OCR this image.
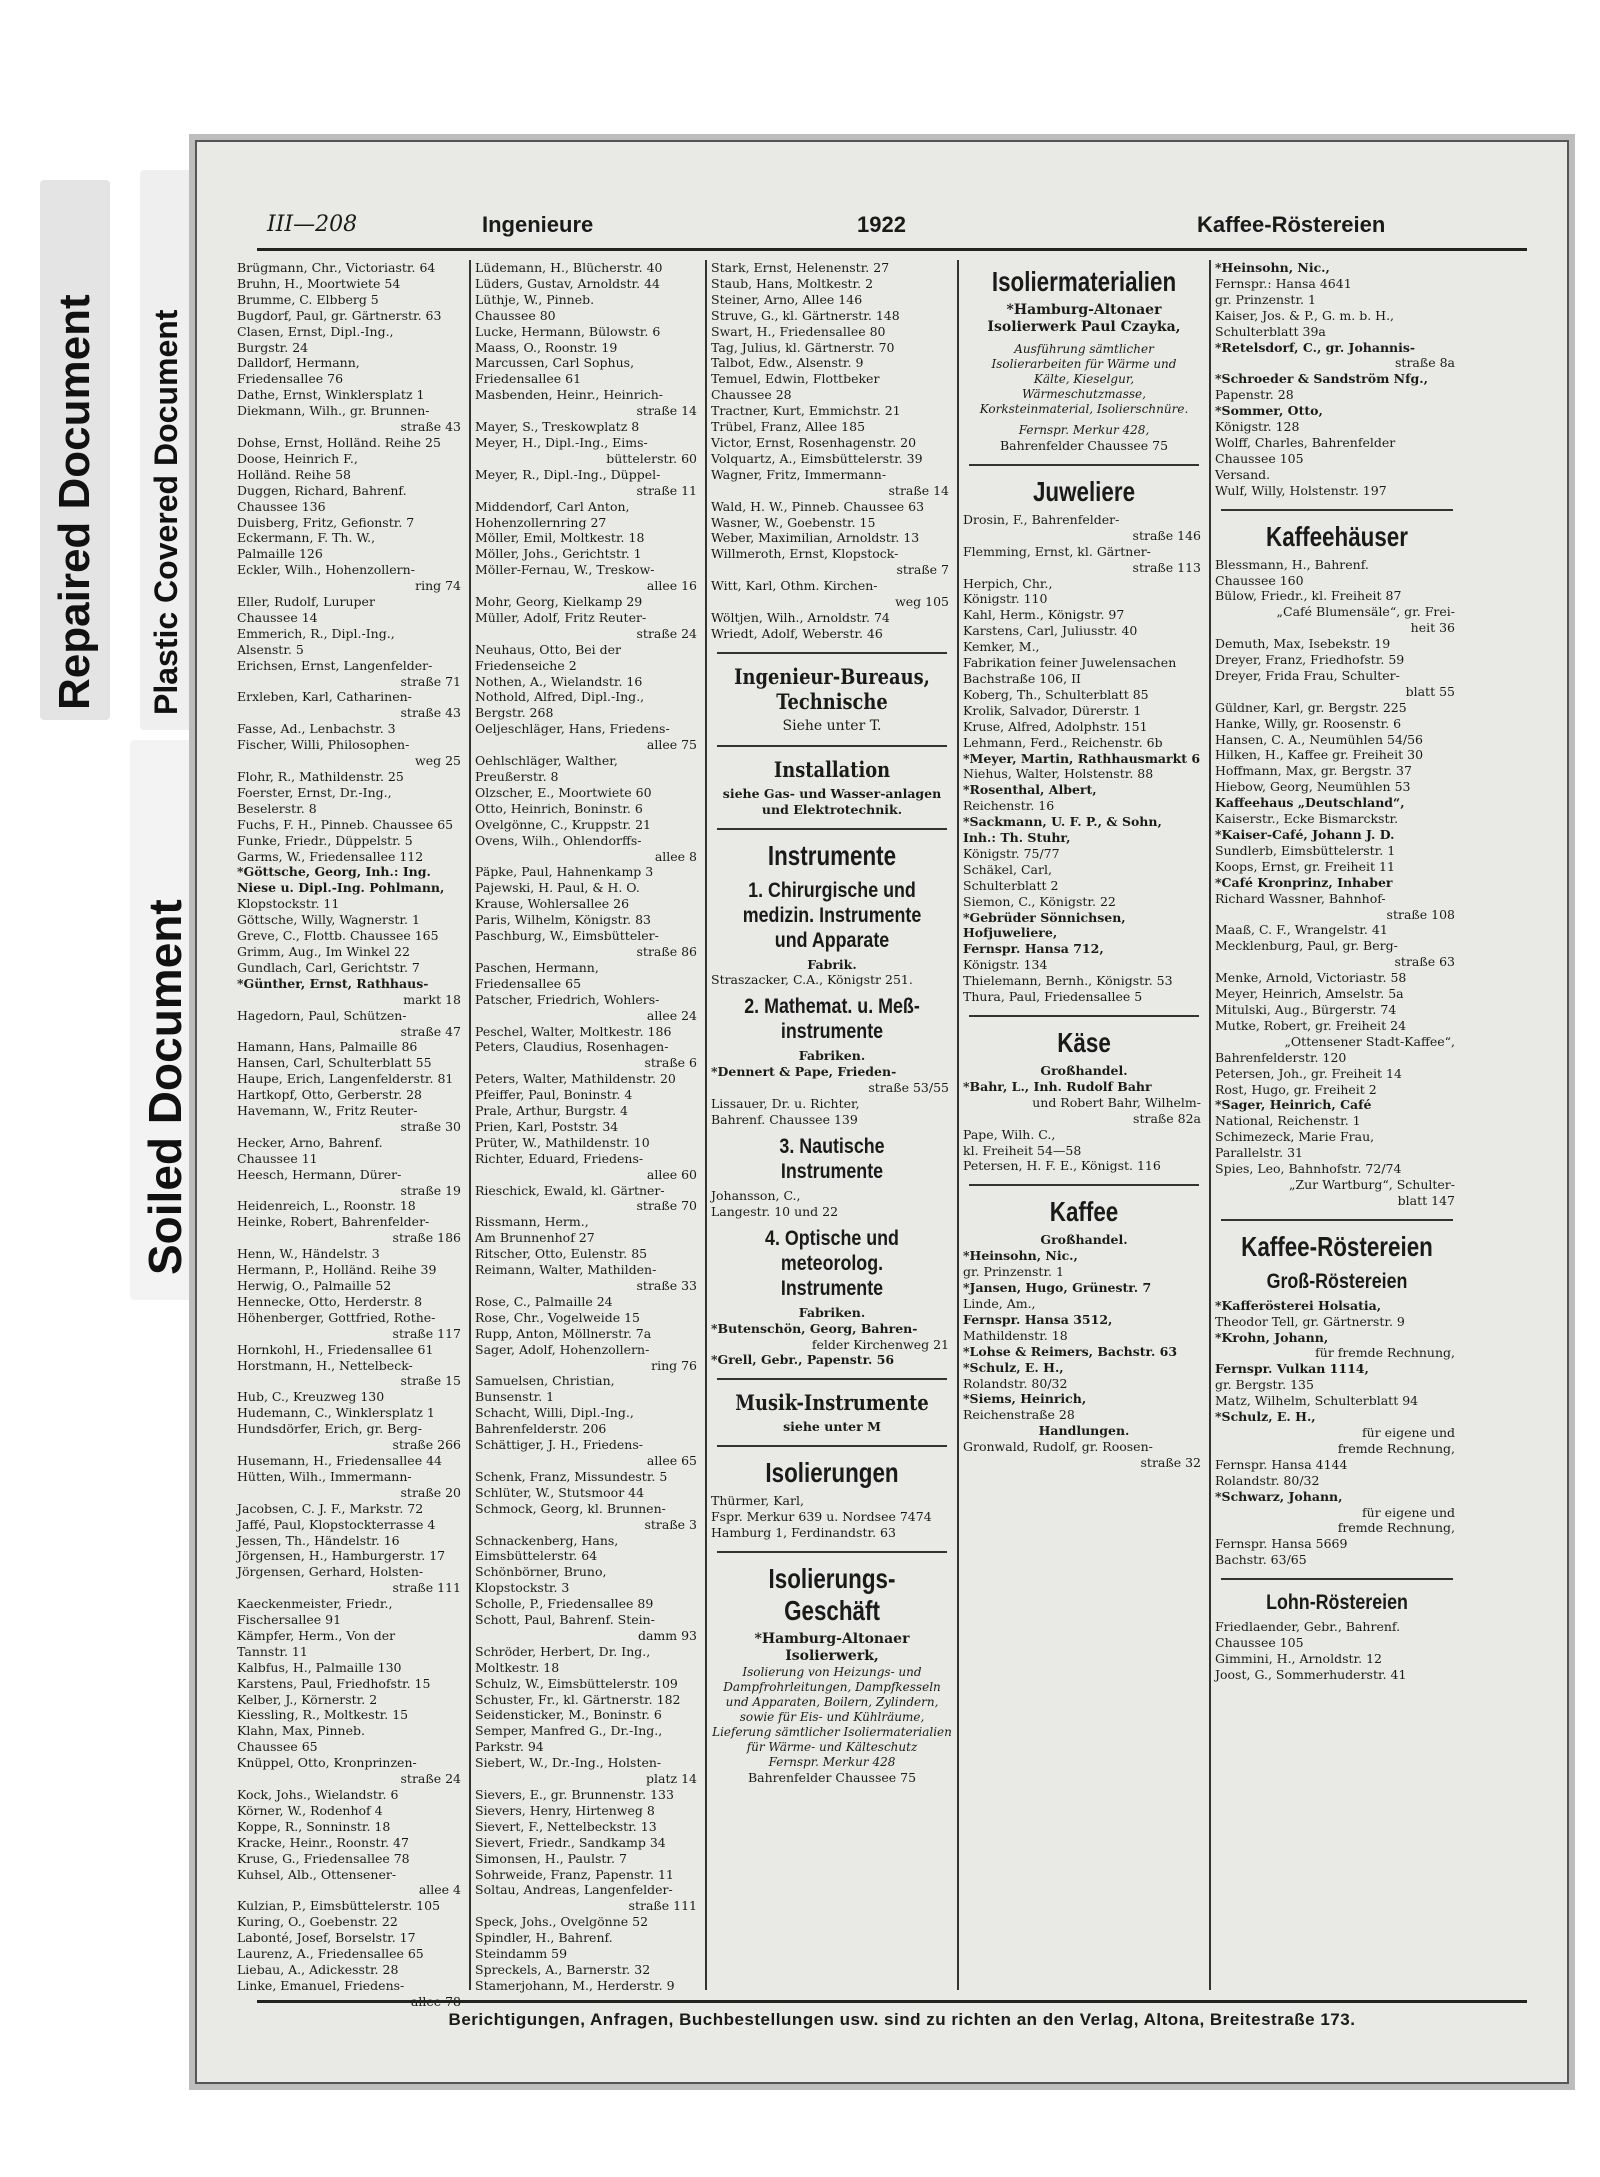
Repaired Document Plastic Covered Document
Soiled Document
III—208	Ingenieure	1922	Kaffee-Röstereien
Brügmann, Chr., Victoriastr. 64
Bruhn, H., Moortwiete 54
Brumme, C. Elbberg 5
Bugdorf, Paul, gr. Gärtnerstr. 63
Clasen, Ernst, Dipl.-Ing.,
Burgstr. 24
Dalldorf, Hermann,
Friedensallee 76
Dathe, Ernst, Winklersplatz 1
Diekmann, Wilh., gr. Brunnen-
straße 43
Dohse, Ernst, Holländ. Reihe 25
Doose, Heinrich F.,
Holländ. Reihe 58
Duggen, Richard, Bahrenf.
Chaussee 136
Duisberg, Fritz, Gefionstr. 7
Eckermann, F. Th. W.,
Palmaille 126
Eckler, Wilh., Hohenzollern-
ring 74
Eller, Rudolf, Luruper
Chaussee 14
Emmerich, R., Dipl.-Ing.,
Alsenstr. 5
Erichsen, Ernst, Langenfelder-
straße 71
Erxleben, Karl, Catharinen-
straße 43
Fasse, Ad., Lenbachstr. 3
Fischer, Willi, Philosophen-
weg 25
Flohr, R., Mathildenstr. 25
Foerster, Ernst, Dr.-Ing.,
Beselerstr. 8
Fuchs, F. H., Pinneb. Chaussee 65
Funke, Friedr., Düppelstr. 5
Garms, W., Friedensallee 112
*Göttsche, Georg, Inh.: Ing.
Niese u. Dipl.-Ing. Pohlmann,
Klopstockstr. 11
Göttsche, Willy, Wagnerstr. 1
Greve, C., Flottb. Chaussee 165
Grimm, Aug., Im Winkel 22
Gundlach, Carl, Gerichtstr. 7
*Günther, Ernst, Rathhaus-
markt 18
Hagedorn, Paul, Schützen-
straße 47
Hamann, Hans, Palmaille 86
Hansen, Carl, Schulterblatt 55
Haupe, Erich, Langenfelderstr. 81
Hartkopf, Otto, Gerberstr. 28
Havemann, W., Fritz Reuter-
straße 30
Hecker, Arno, Bahrenf.
Chaussee 11
Heesch, Hermann, Dürer-
straße 19
Heidenreich, L., Roonstr. 18
Heinke, Robert, Bahrenfelder-
straße 186
Henn, W., Händelstr. 3
Hermann, P., Holländ. Reihe 39
Herwig, O., Palmaille 52
Hennecke, Otto, Herderstr. 8
Höhenberger, Gottfried, Rothe-
straße 117
Hornkohl, H., Friedensallee 61
Horstmann, H., Nettelbeck-
straße 15
Hub, C., Kreuzweg 130
Hudemann, C., Winklersplatz 1
Hundsdörfer, Erich, gr. Berg-
straße 266
Husemann, H., Friedensallee 44
Hütten, Wilh., Immermann-
straße 20
Jacobsen, C. J. F., Markstr. 72
Jaffé, Paul, Klopstockterrasse 4
Jessen, Th., Händelstr. 16
Jörgensen, H., Hamburgerstr. 17
Jörgensen, Gerhard, Holsten-
straße 111
Kaeckenmeister, Friedr.,
Fischersallee 91
Kämpfer, Herm., Von der
Tannstr. 11
Kalbfus, H., Palmaille 130
Karstens, Paul, Friedhofstr. 15
Kelber, J., Körnerstr. 2
Kiessling, R., Moltkestr. 15
Klahn, Max, Pinneb.
Chaussee 65
Knüppel, Otto, Kronprinzen-
straße 24
Kock, Johs., Wielandstr. 6
Körner, W., Rodenhof 4
Koppe, R., Sonninstr. 18
Kracke, Heinr., Roonstr. 47
Kruse, G., Friedensallee 78
Kuhsel, Alb., Ottensener-
allee 4
Kulzian, P., Eimsbüttelerstr. 105
Kuring, O., Goebenstr. 22
Labonté, Josef, Borselstr. 17
Laurenz, A., Friedensallee 65
Liebau, A., Adickesstr. 28
Linke, Emanuel, Friedens-
allee 78
Lüdemann, H., Blücherstr. 40
Lüders, Gustav, Arnoldstr. 44
Lüthje, W., Pinneb.
Chaussee 80
Lucke, Hermann, Bülowstr. 6
Maass, O., Roonstr. 19
Marcussen, Carl Sophus,
Friedensallee 61
Masbenden, Heinr., Heinrich-
straße 14
Mayer, S., Treskowplatz 8
Meyer, H., Dipl.-Ing., Eims-
büttelerstr. 60
Meyer, R., Dipl.-Ing., Düppel-
straße 11
Middendorf, Carl Anton,
Hohenzollernring 27
Möller, Emil, Moltkestr. 18
Möller, Johs., Gerichtstr. 1
Möller-Fernau, W., Treskow-
allee 16
Mohr, Georg, Kielkamp 29
Müller, Adolf, Fritz Reuter-
straße 24
Neuhaus, Otto, Bei der
Friedenseiche 2
Nothen, A., Wielandstr. 16
Nothold, Alfred, Dipl.-Ing.,
Bergstr. 268
Oeljeschläger, Hans, Friedens-
allee 75
Oehlschläger, Walther,
Preußerstr. 8
Olzscher, E., Moortwiete 60
Otto, Heinrich, Boninstr. 6
Ovelgönne, C., Kruppstr. 21
Ovens, Wilh., Ohlendorffs-
allee 8
Päpke, Paul, Hahnenkamp 3
Pajewski, H. Paul, & H. O.
Krause, Wohlersallee 26
Paris, Wilhelm, Königstr. 83
Paschburg, W., Eimsbütteler-
straße 86
Paschen, Hermann,
Friedensallee 65
Patscher, Friedrich, Wohlers-
allee 24
Peschel, Walter, Moltkestr. 186
Peters, Claudius, Rosenhagen-
straße 6
Peters, Walter, Mathildenstr. 20
Pfeiffer, Paul, Boninstr. 4
Prale, Arthur, Burgstr. 4
Prien, Karl, Poststr. 34
Prüter, W., Mathildenstr. 10
Richter, Eduard, Friedens-
allee 60
Rieschick, Ewald, kl. Gärtner-
straße 70
Rissmann, Herm.,
Am Brunnenhof 27
Ritscher, Otto, Eulenstr. 85
Reimann, Walter, Mathilden-
straße 33
Rose, C., Palmaille 24
Rose, Chr., Vogelweide 15
Rupp, Anton, Möllnerstr. 7a
Sager, Adolf, Hohenzollern-
ring 76
Samuelsen, Christian,
Bunsenstr. 1
Schacht, Willi, Dipl.-Ing.,
Bahrenfelderstr. 206
Schättiger, J. H., Friedens-
allee 65
Schenk, Franz, Missundestr. 5
Schlüter, W., Stutsmoor 44
Schmock, Georg, kl. Brunnen-
straße 3
Schnackenberg, Hans,
Eimsbüttelerstr. 64
Schönbörner, Bruno,
Klopstockstr. 3
Scholle, P., Friedensallee 89
Schott, Paul, Bahrenf. Stein-
damm 93
Schröder, Herbert, Dr. Ing.,
Moltkestr. 18
Schulz, W., Eimsbüttelerstr. 109
Schuster, Fr., kl. Gärtnerstr. 182
Seidensticker, M., Boninstr. 6
Semper, Manfred G., Dr.-Ing.,
Parkstr. 94
Siebert, W., Dr.-Ing., Holsten-
platz 14
Sievers, E., gr. Brunnenstr. 133
Sievers, Henry, Hirtenweg 8
Sievert, F., Nettelbeckstr. 13
Sievert, Friedr., Sandkamp 34
Simonsen, H., Paulstr. 7
Sohrweide, Franz, Papenstr. 11
Soltau, Andreas, Langenfelder-
straße 111
Speck, Johs., Ovelgönne 52
Spindler, H., Bahrenf.
Steindamm 59
Spreckels, A., Barnerstr. 32
Stamerjohann, M., Herderstr. 9
Stark, Ernst, Helenenstr. 27
Staub, Hans, Moltkestr. 2
Steiner, Arno, Allee 146
Struve, G., kl. Gärtnerstr. 148
Swart, H., Friedensallee 80
Tag, Julius, kl. Gärtnerstr. 70
Talbot, Edw., Alsenstr. 9
Temuel, Edwin, Flottbeker
Chaussee 28
Tractner, Kurt, Emmichstr. 21
Trübel, Franz, Allee 185
Victor, Ernst, Rosenhagenstr. 20
Volquartz, A., Eimsbüttelerstr. 39
Wagner, Fritz, Immermann-
straße 14
Wald, H. W., Pinneb. Chaussee 63
Wasner, W., Goebenstr. 15
Weber, Maximilian, Arnoldstr. 13
Willmeroth, Ernst, Klopstock-
straße 7
Witt, Karl, Othm. Kirchen-
weg 105
Wöltjen, Wilh., Arnoldstr. 74
Wriedt, Adolf, Weberstr. 46
Ingenieur-Bureaus, Technische
Siehe unter T.
Installation
siehe Gas- und Wasser-anlagen und Elektrotechnik.
Instrumente
1. Chirurgische und medizin. Instrumente und Apparate
Fabrik.
Straszacker, C.A., Königstr 251.
2. Mathemat. u. Meß-instrumente
Fabriken.
*Dennert & Pape, Frieden-
straße 53/55
Lissauer, Dr. u. Richter,
Bahrenf. Chaussee 139
3. Nautische Instrumente
Johansson, C.,
Langestr. 10 und 22
4. Optische und meteorolog. Instrumente
Fabriken.
*Butenschön, Georg, Bahren-
felder Kirchenweg 21
*Grell, Gebr., Papenstr. 56
Musik-Instrumente
siehe unter M
Isolierungen
Thürmer, Karl,
Fspr. Merkur 639 u. Nordsee 7474
Hamburg 1, Ferdinandstr. 63
Isolierungs-Geschäft
*Hamburg-Altonaer Isolierwerk,
Isolierung von Heizungs- und Dampfrohrleitungen, Dampfkesseln und Apparaten, Boilern, Zylindern, sowie für Eis- und Kühlräume, Lieferung sämtlicher Isoliermaterialien für Wärme- und Kälteschutz
Fernspr. Merkur 428
Bahrenfelder Chaussee 75
Isoliermaterialien
*Hamburg-Altonaer Isolierwerk Paul Czayka,
Ausführung sämtlicher Isolierarbeiten für Wärme und Kälte, Kieselgur, Wärmeschutzmasse, Korksteinmaterial, Isolierschnüre.
Fernspr. Merkur 428,
Bahrenfelder Chaussee 75
Juweliere
Drosin, F., Bahrenfelder-
straße 146
Flemming, Ernst, kl. Gärtner-
straße 113
Herpich, Chr.,
Königstr. 110
Kahl, Herm., Königstr. 97
Karstens, Carl, Juliusstr. 40
Kemker, M.,
Fabrikation feiner Juwelensachen
Bachstraße 106, II
Koberg, Th., Schulterblatt 85
Krolik, Salvador, Dürerstr. 1
Kruse, Alfred, Adolphstr. 151
Lehmann, Ferd., Reichenstr. 6b
*Meyer, Martin, Rathhausmarkt 6
Niehus, Walter, Holstenstr. 88
*Rosenthal, Albert,
Reichenstr. 16
*Sackmann, U. F. P., & Sohn,
Inh.: Th. Stuhr,
Königstr. 75/77
Schäkel, Carl,
Schulterblatt 2
Siemon, C., Königstr. 22
*Gebrüder Sönnichsen,
Hofjuweliere,
Fernspr. Hansa 712,
Königstr. 134
Thielemann, Bernh., Königstr. 53
Thura, Paul, Friedensallee 5
Käse
Großhandel.
*Bahr, L., Inh. Rudolf Bahr
und Robert Bahr, Wilhelm-
straße 82a
Pape, Wilh. C.,
kl. Freiheit 54—58
Petersen, H. F. E., Königst. 116
Kaffee
Großhandel.
*Heinsohn, Nic.,
gr. Prinzenstr. 1
*Jansen, Hugo, Grünestr. 7
Linde, Am.,
Fernspr. Hansa 3512,
Mathildenstr. 18
*Lohse & Reimers, Bachstr. 63
*Schulz, E. H.,
Rolandstr. 80/32
*Siems, Heinrich,
Reichenstraße 28
Handlungen.
Gronwald, Rudolf, gr. Roosen-
straße 32
*Heinsohn, Nic.,
Fernspr.: Hansa 4641
gr. Prinzenstr. 1
Kaiser, Jos. & P., G. m. b. H.,
Schulterblatt 39a
*Retelsdorf, C., gr. Johannis-
straße 8a
*Schroeder & Sandström Nfg.,
Papenstr. 28
*Sommer, Otto,
Königstr. 128
Wolff, Charles, Bahrenfelder
Chaussee 105
Versand.
Wulf, Willy, Holstenstr. 197
Kaffeehäuser
Blessmann, H., Bahrenf.
Chaussee 160
Bülow, Friedr., kl. Freiheit 87
„Café Blumensäle“, gr. Frei-
heit 36
Demuth, Max, Isebekstr. 19
Dreyer, Franz, Friedhofstr. 59
Dreyer, Frida Frau, Schulter-
blatt 55
Güldner, Karl, gr. Bergstr. 225
Hanke, Willy, gr. Roosenstr. 6
Hansen, C. A., Neumühlen 54/56
Hilken, H., Kaffee gr. Freiheit 30
Hoffmann, Max, gr. Bergstr. 37
Hiebow, Georg, Neumühlen 53
Kaffeehaus „Deutschland“,
Kaiserstr., Ecke Bismarckstr.
*Kaiser-Café, Johann J. D.
Sundlerb, Eimsbüttelerstr. 1
Koops, Ernst, gr. Freiheit 11
*Café Kronprinz, Inhaber
Richard Wassner, Bahnhof-
straße 108
Maaß, C. F., Wrangelstr. 41
Mecklenburg, Paul, gr. Berg-
straße 63
Menke, Arnold, Victoriastr. 58
Meyer, Heinrich, Amselstr. 5a
Mitulski, Aug., Bürgerstr. 74
Mutke, Robert, gr. Freiheit 24
„Ottensener Stadt-Kaffee“,
Bahrenfelderstr. 120
Petersen, Joh., gr. Freiheit 14
Rost, Hugo, gr. Freiheit 2
*Sager, Heinrich, Café
National, Reichenstr. 1
Schimezeck, Marie Frau,
Parallelstr. 31
Spies, Leo, Bahnhofstr. 72/74
„Zur Wartburg“, Schulter-
blatt 147
Kaffee-Röstereien
Groß-Röstereien
*Kafferösterei Holsatia,
Theodor Tell, gr. Gärtnerstr. 9
*Krohn, Johann,
für fremde Rechnung,
Fernspr. Vulkan 1114,
gr. Bergstr. 135
Matz, Wilhelm, Schulterblatt 94
*Schulz, E. H.,
für eigene und
fremde Rechnung,
Fernspr. Hansa 4144
Rolandstr. 80/32
*Schwarz, Johann,
für eigene und
fremde Rechnung,
Fernspr. Hansa 5669
Bachstr. 63/65
Lohn-Röstereien
Friedlaender, Gebr., Bahrenf.
Chaussee 105
Gimmini, H., Arnoldstr. 12
Joost, G., Sommerhuderstr. 41
Berichtigungen, Anfragen, Buchbestellungen usw. sind zu richten an den Verlag, Altona, Breitestraße 173.
